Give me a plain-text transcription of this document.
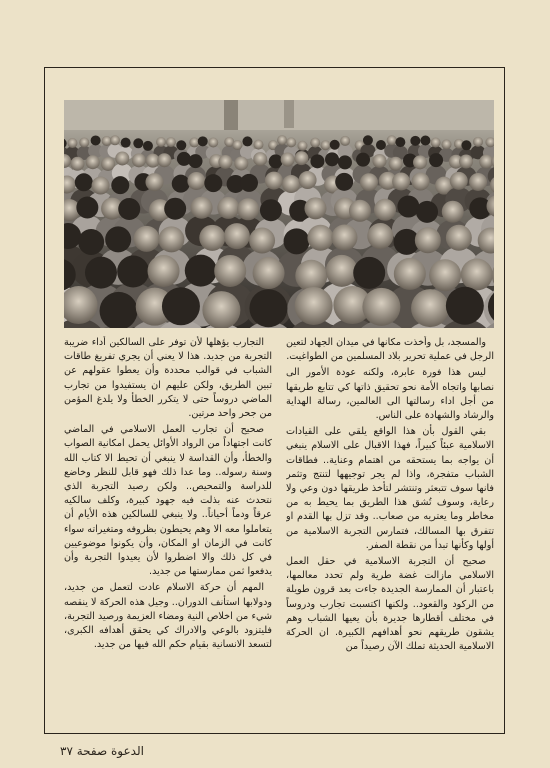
والمسجد، بل وأخذت مكانها في ميدان الجهاد لتعين الرجل في عملية تحرير بلاد المسلمين من الطواغيت.

ليس هذا فورة عابرة، ولكنه عودة الأمور الى نصابها واتجاه الأمة نحو تحقيق ذاتها كي تتابع طريقها من أجل اداء رسالتها الى العالمين، رسالة الهداية والرشاد والشهادة على الناس.

بقي القول بأن هذا الواقع يلقي على القيادات الاسلامية عبئاً كبيراً، فهذا الاقبال على الاسلام ينبغي أن يواجه بما يستحقه من اهتمام وعناية.. فطاقات الشباب متفجرة، واذا لم يجر توجيهها لتنتج وتثمر فانها سوف تتبعثر وتنتشر لتأخذ طريقها دون وعي ولا رعاية، وسوف تُشق هذا الطريق بما يحيط به من مخاطر وما يعتريه من صعاب.. وقد تزل بها القدم او تتفرق بها المسالك، فتمارس التجربة الاسلامية من أولها وكأنها تبدأ من نقطة الصفر.

صحيح أن التجربة الاسلامية في حقل العمل الاسلامي مازالت غضة طرية ولم تحدد معالمها، باعتبار أن الممارسة الجديدة جاءت بعد قرون طويلة من الركود والقعود.. ولكنها اكتسبت تجارب ودروساً في مختلف أقطارها جديرة بأن يعيها الشباب وهم يشقون طريقهم نحو أهدافهم الكبيرة. ان الحركة الاسلامية الحديثة تملك الآن رصيداً من

التجارب يؤهلها لأن توفر على السالكين أداء ضريبة التجربة من جديد. هذا لا يعني أن يجري تفريغ طاقات الشباب في قوالب محددة وأن يعطوا عقولهم عن تبين الطريق، ولكن عليهم ان يستفيدوا من تجارب الماضي دروساً حتى لا يتكرر الخطأ ولا يلدغ المؤمن من جحر واحد مرتين.

صحيح أن تجارب العمل الاسلامي في الماضي كانت اجتهاداً من الرواد الأوائل يحمل امكانية الصواب والخطأ، وأن القداسة لا ينبغي أن تحيط الا كتاب الله وسنة رسوله.. وما عدا ذلك فهو قابل للنظر وخاضع للدراسة والتمحيص.. ولكن رصيد التجربة الذي نتحدث عنه بذلت فيه جهود كبيرة، وكلف سالكيه عرقاً ودماً أحياناً.. ولا ينبغي للسالكين هذه الأيام أن يتعاملوا معه الا وهم يحيطون بظروفه ومتغيراته سواء كانت في الزمان او المكان، وأن يكونوا موضوعيين في كل ذلك والا اضطروا لأن يعيدوا التجربة وأن يدفعوا ثمن ممارستها من جديد.

المهم أن حركة الاسلام عادت لتعمل من جديد، ودولابها استأنف الدوران.. وجيل هذه الحركة لا ينقصه شيء من اخلاص النية ومضاء العزيمة ورصيد التجربة، فليتزود بالوعي والادراك كي يحقق أهدافه الكبرى، لتسعد الانسانية بقيام حكم الله فيها من جديد.

الدعوة صفحة ٣٧
